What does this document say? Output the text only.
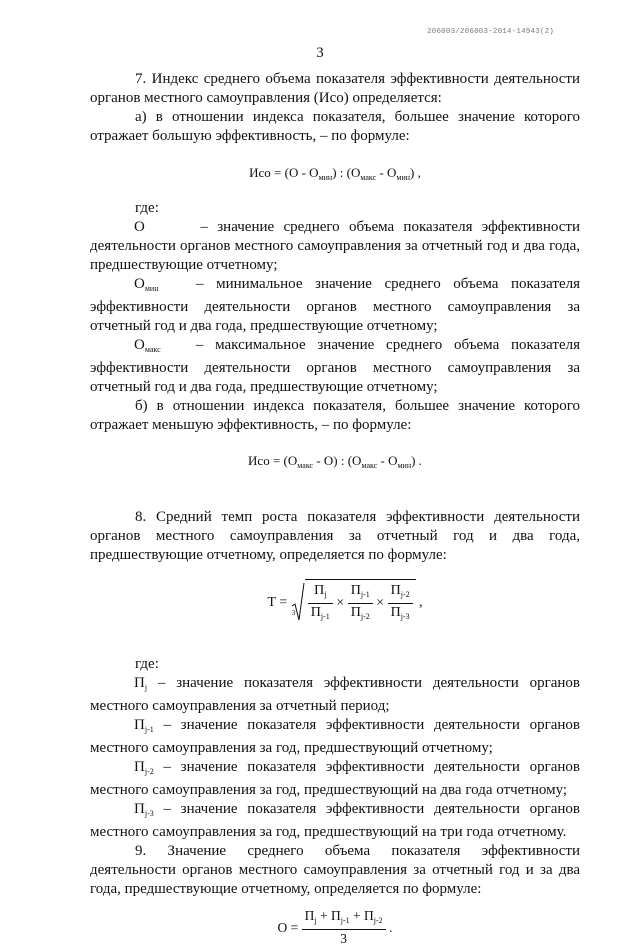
206003/206003-2014-14943(2)
3

7. Индекс среднего объема показателя эффективности деятельности органов местного самоуправления (Исо) определяется:

а) в отношении индекса показателя, большее значение которого отражает большую эффективность, – по формуле:

Исо = $(О - О_{мин})$ : $(О_{макс} - О_{мин})$ ,

где:

О	– значение среднего объема показателя эффективности деятельности органов местного самоуправления за отчетный год и два года, предшествующие отчетному;

$О_{мин}$	– минимальное значение среднего объема показателя эффективности деятельности органов местного самоуправления за отчетный год и два года, предшествующие отчетному;

$О_{макс}$ – максимальное значение среднего объема показателя эффективности деятельности органов местного самоуправления за отчетный год и два года, предшествующие отчетному;

б) в отношении индекса показателя, большее значение которого отражает меньшую эффективность, – по формуле:

Исо = $(О_{макс} - О)$ : $(О_{макс} - О_{мин})$ .

8. Средний темп роста показателя эффективности деятельности органов местного самоуправления за отчетный год и два года, предшествующие отчетному, определяется по формуле:

Т =

$3 \frac{П_j}{П_{j-1}} \times \frac{П_{j-1}}{П_{j-2}} \times \frac{П_{j-2}}{П_{j-3}}$
,

где:

$П_j$ – значение показателя эффективности деятельности органов местного самоуправления за отчетный период;

$П_{j-1}$ – значение показателя эффективности деятельности органов местного самоуправления за год, предшествующий отчетному;

$П_{j-2}$ – значение показателя эффективности деятельности органов местного самоуправления за год, предшествующий на два года отчетному;

$П_{j-3}$ – значение показателя эффективности деятельности органов местного самоуправления за год, предшествующий на три года отчетному.

9. Значение среднего объема показателя эффективности деятельности органов местного самоуправления за отчетный год и за два года, предшествующие отчетному, определяется по формуле:

О =
$\frac{П_j + П_{j-1} + П_{j-2}}{3}$
.
